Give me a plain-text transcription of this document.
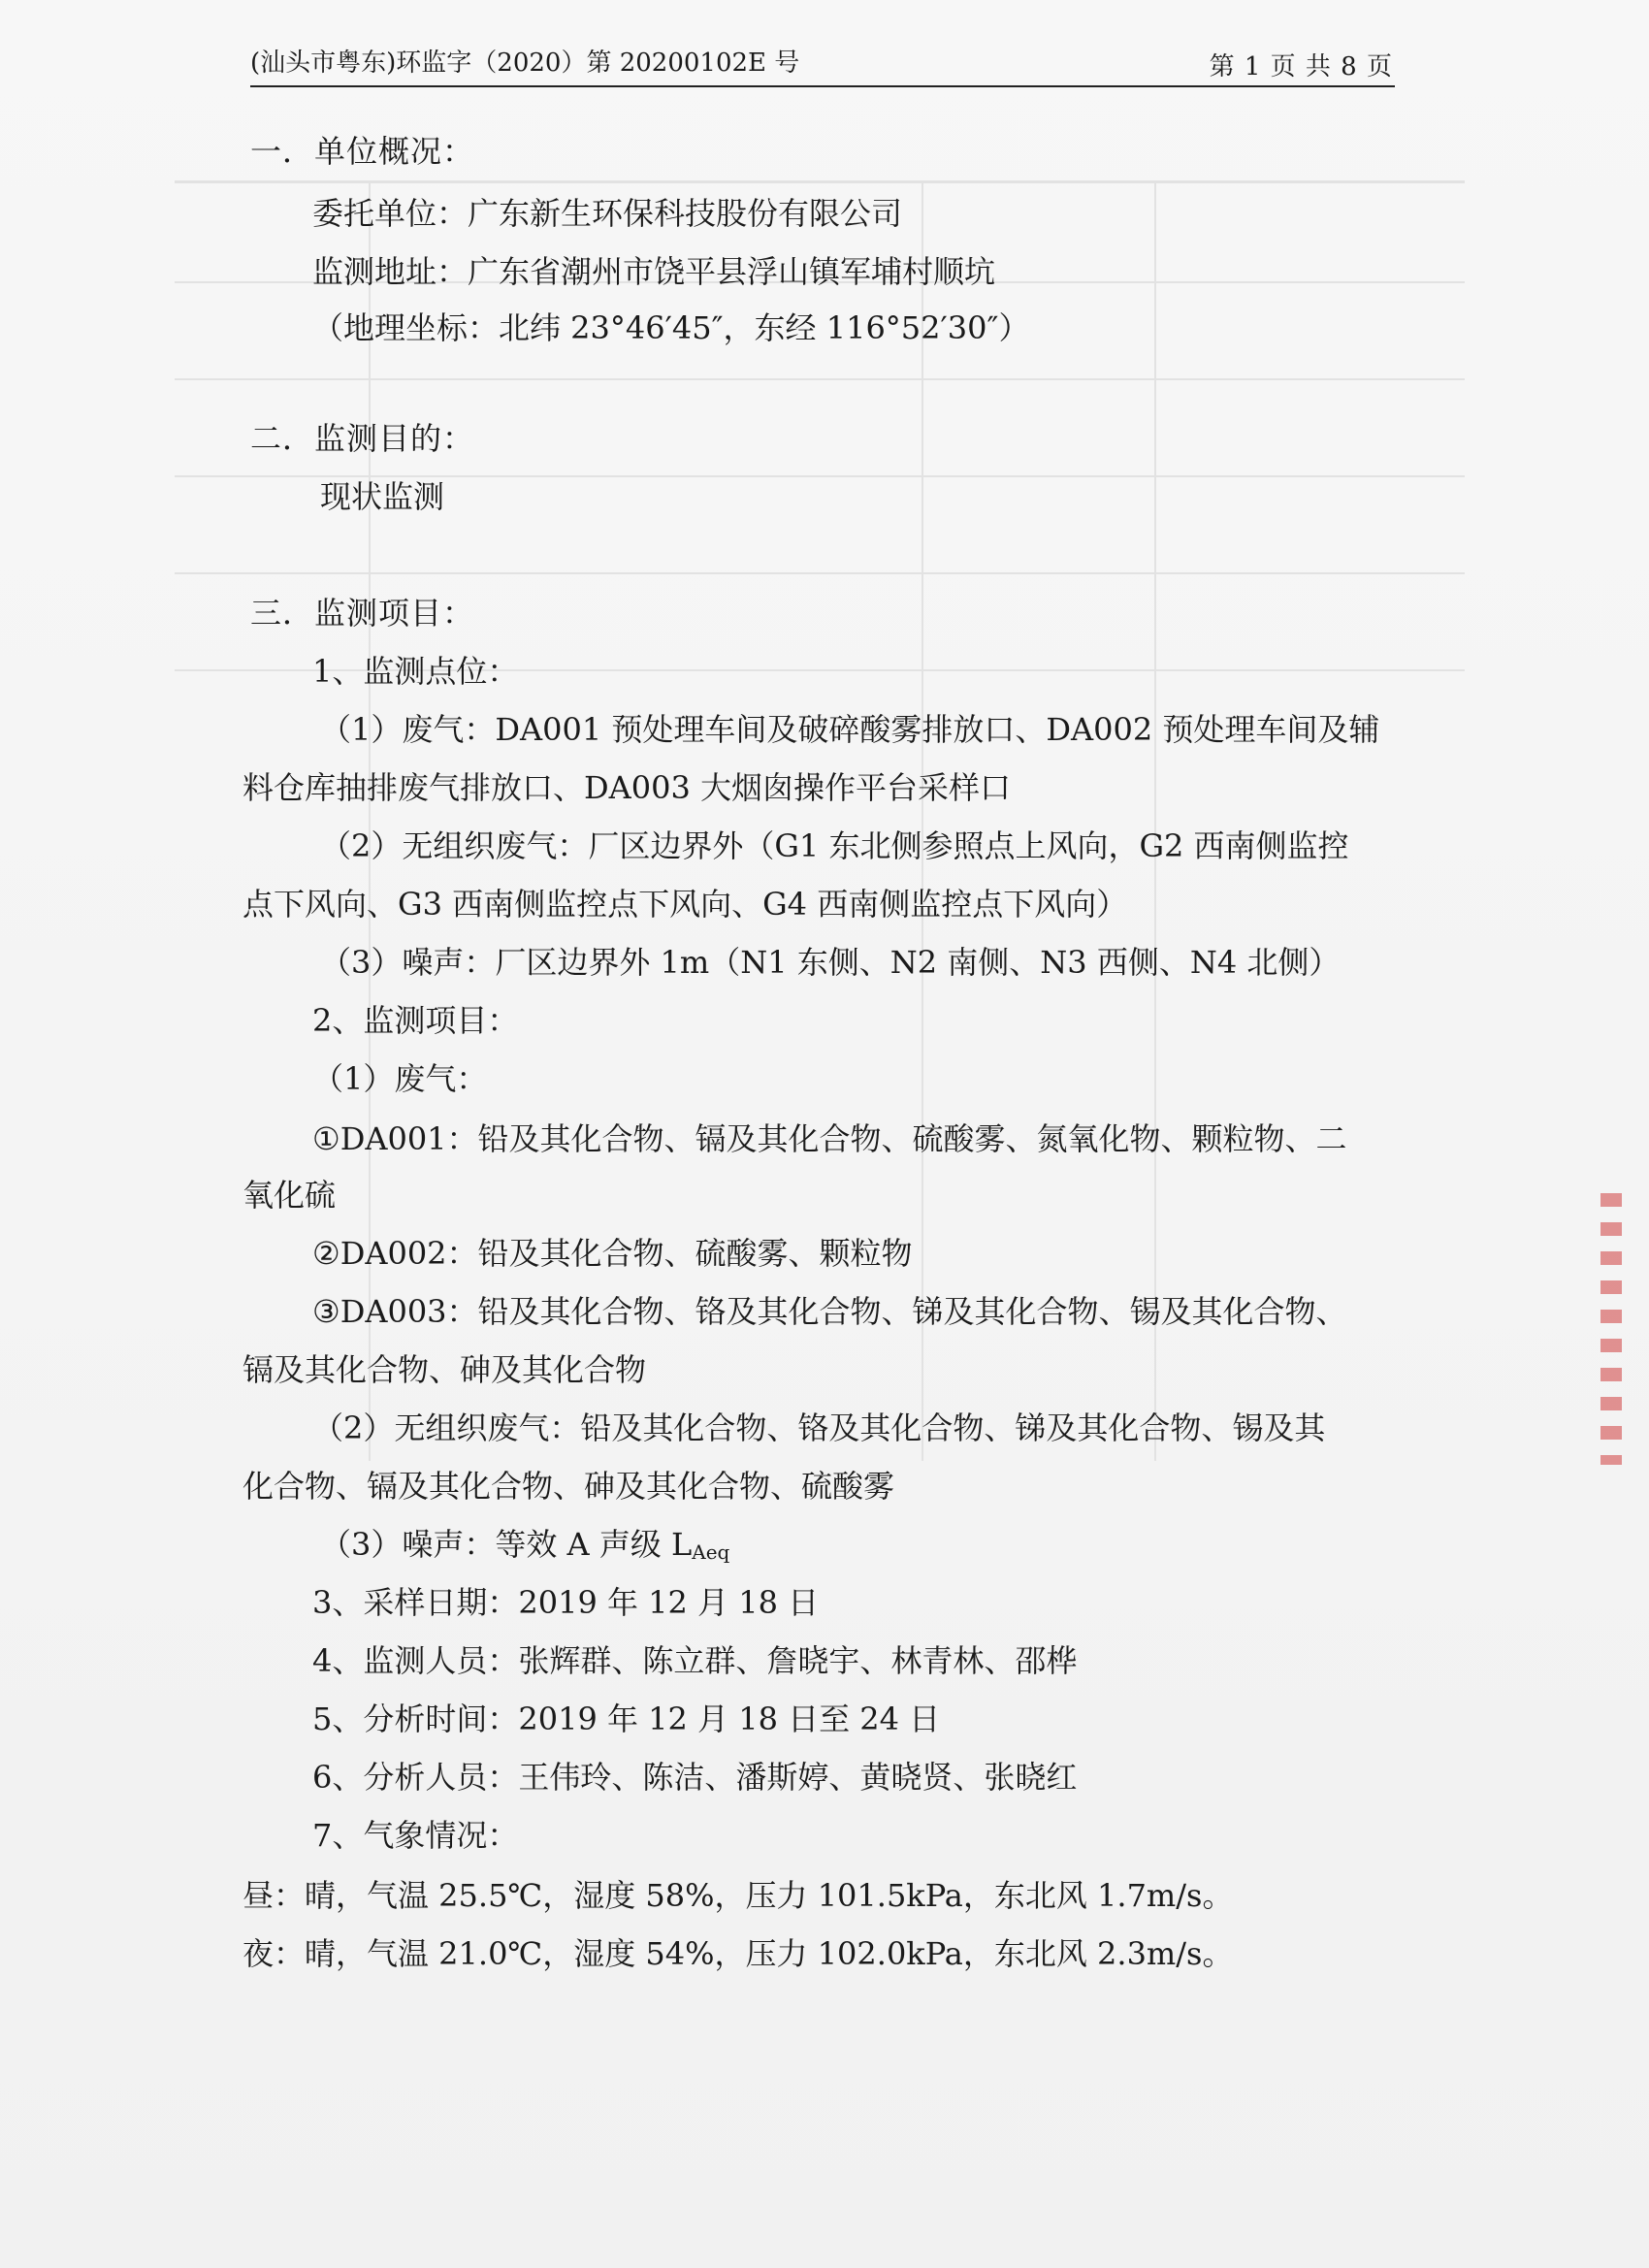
(汕头市粤东)环监字（2020）第 20200102E 号	第 1 页 共 8 页
一．单位概况：
委托单位：广东新生环保科技股份有限公司
监测地址：广东省潮州市饶平县浮山镇军埔村顺坑
（地理坐标：北纬 23°46′45″，东经 116°52′30″）
二．监测目的：
现状监测
三．监测项目：
1、监测点位：
（1）废气：DA001 预处理车间及破碎酸雾排放口、DA002 预处理车间及辅
料仓库抽排废气排放口、DA003 大烟囱操作平台采样口
（2）无组织废气：厂区边界外（G1 东北侧参照点上风向，G2 西南侧监控
点下风向、G3 西南侧监控点下风向、G4 西南侧监控点下风向）
（3）噪声：厂区边界外 1m（N1 东侧、N2 南侧、N3 西侧、N4 北侧）
2、监测项目：
（1）废气：
①DA001：铅及其化合物、镉及其化合物、硫酸雾、氮氧化物、颗粒物、二
氧化硫
②DA002：铅及其化合物、硫酸雾、颗粒物
③DA003：铅及其化合物、铬及其化合物、锑及其化合物、锡及其化合物、
镉及其化合物、砷及其化合物
（2）无组织废气：铅及其化合物、铬及其化合物、锑及其化合物、锡及其
化合物、镉及其化合物、砷及其化合物、硫酸雾
（3）噪声：等效 A 声级 $L_{Aeq}$
3、采样日期：2019 年 12 月 18 日
4、监测人员：张辉群、陈立群、詹晓宇、林青林、邵桦
5、分析时间：2019 年 12 月 18 日至 24 日
6、分析人员：王伟玲、陈洁、潘斯婷、黄晓贤、张晓红
7、气象情况：
昼：晴，气温 25.5℃，湿度 58%，压力 101.5kPa，东北风 1.7m/s。
夜：晴，气温 21.0℃，湿度 54%，压力 102.0kPa，东北风 2.3m/s。
